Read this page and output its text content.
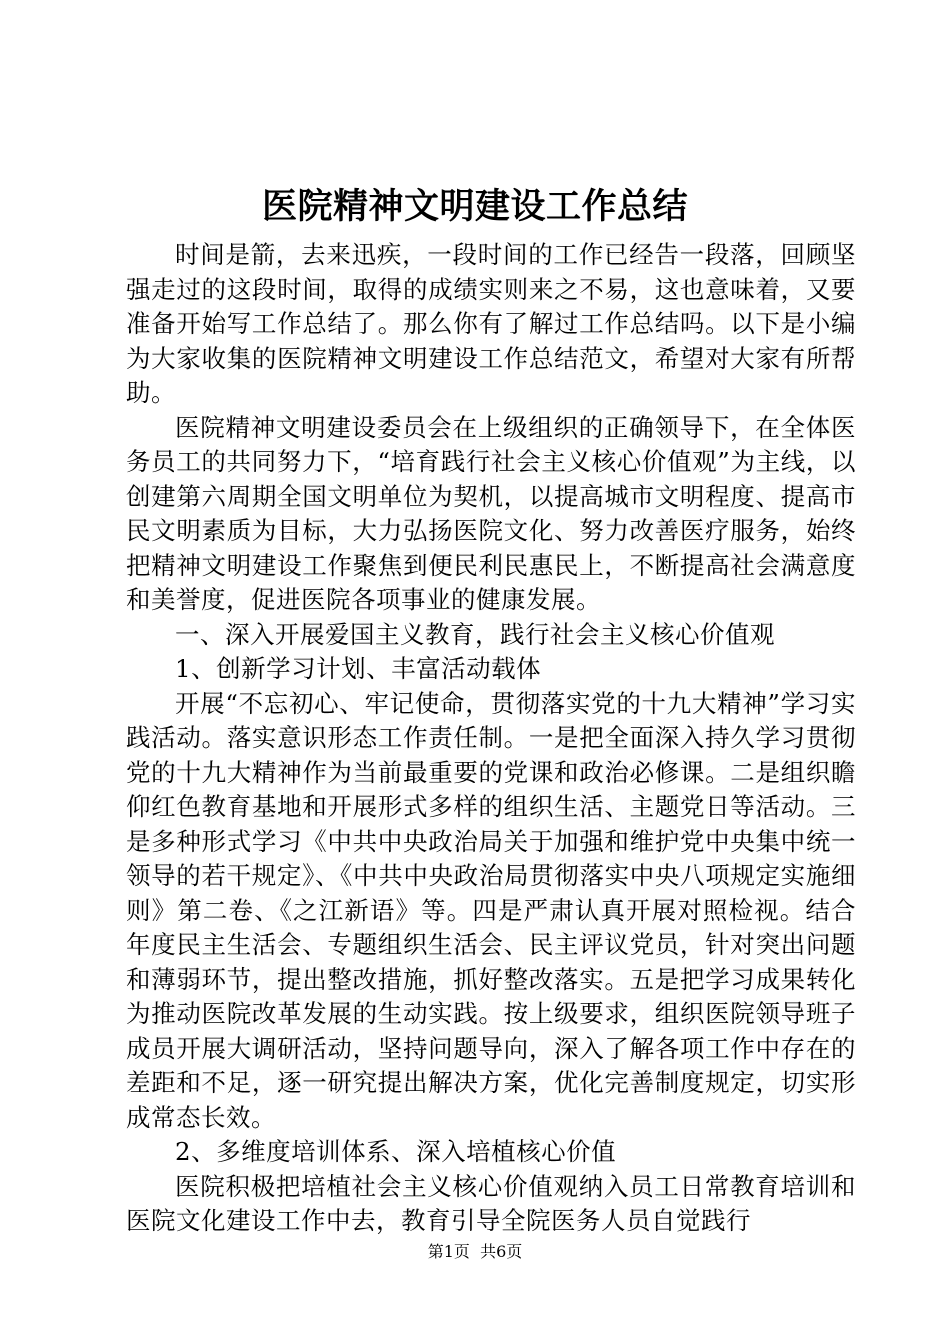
医院精神文明建设工作总结

时间是箭，去来迅疾，一段时间的工作已经告一段落，回顾坚强走过的这段时间，取得的成绩实则来之不易，这也意味着，又要准备开始写工作总结了。那么你有了解过工作总结吗。以下是小编为大家收集的医院精神文明建设工作总结范文，希望对大家有所帮助。

医院精神文明建设委员会在上级组织的正确领导下，在全体医务员工的共同努力下，“培育践行社会主义核心价值观”为主线，以创建第六周期全国文明单位为契机，以提高城市文明程度、提高市民文明素质为目标，大力弘扬医院文化、努力改善医疗服务，始终把精神文明建设工作聚焦到便民利民惠民上，不断提高社会满意度和美誉度，促进医院各项事业的健康发展。

一、深入开展爱国主义教育，践行社会主义核心价值观

1、创新学习计划、丰富活动载体

开展“不忘初心、牢记使命，贯彻落实党的十九大精神”学习实践活动。落实意识形态工作责任制。一是把全面深入持久学习贯彻党的十九大精神作为当前最重要的党课和政治必修课。二是组织瞻仰红色教育基地和开展形式多样的组织生活、主题党日等活动。三是多种形式学习《中共中央政治局关于加强和维护党中央集中统一领导的若干规定》、《中共中央政治局贯彻落实中央八项规定实施细则》第二卷、《之江新语》等。四是严肃认真开展对照检视。结合年度民主生活会、专题组织生活会、民主评议党员，针对突出问题和薄弱环节，提出整改措施，抓好整改落实。五是把学习成果转化为推动医院改革发展的生动实践。按上级要求，组织医院领导班子成员开展大调研活动，坚持问题导向，深入了解各项工作中存在的差距和不足，逐一研究提出解决方案，优化完善制度规定，切实形成常态长效。

2、多维度培训体系、深入培植核心价值

医院积极把培植社会主义核心价值观纳入员工日常教育培训和医院文化建设工作中去，教育引导全院医务人员自觉践行

第1页 共6页
